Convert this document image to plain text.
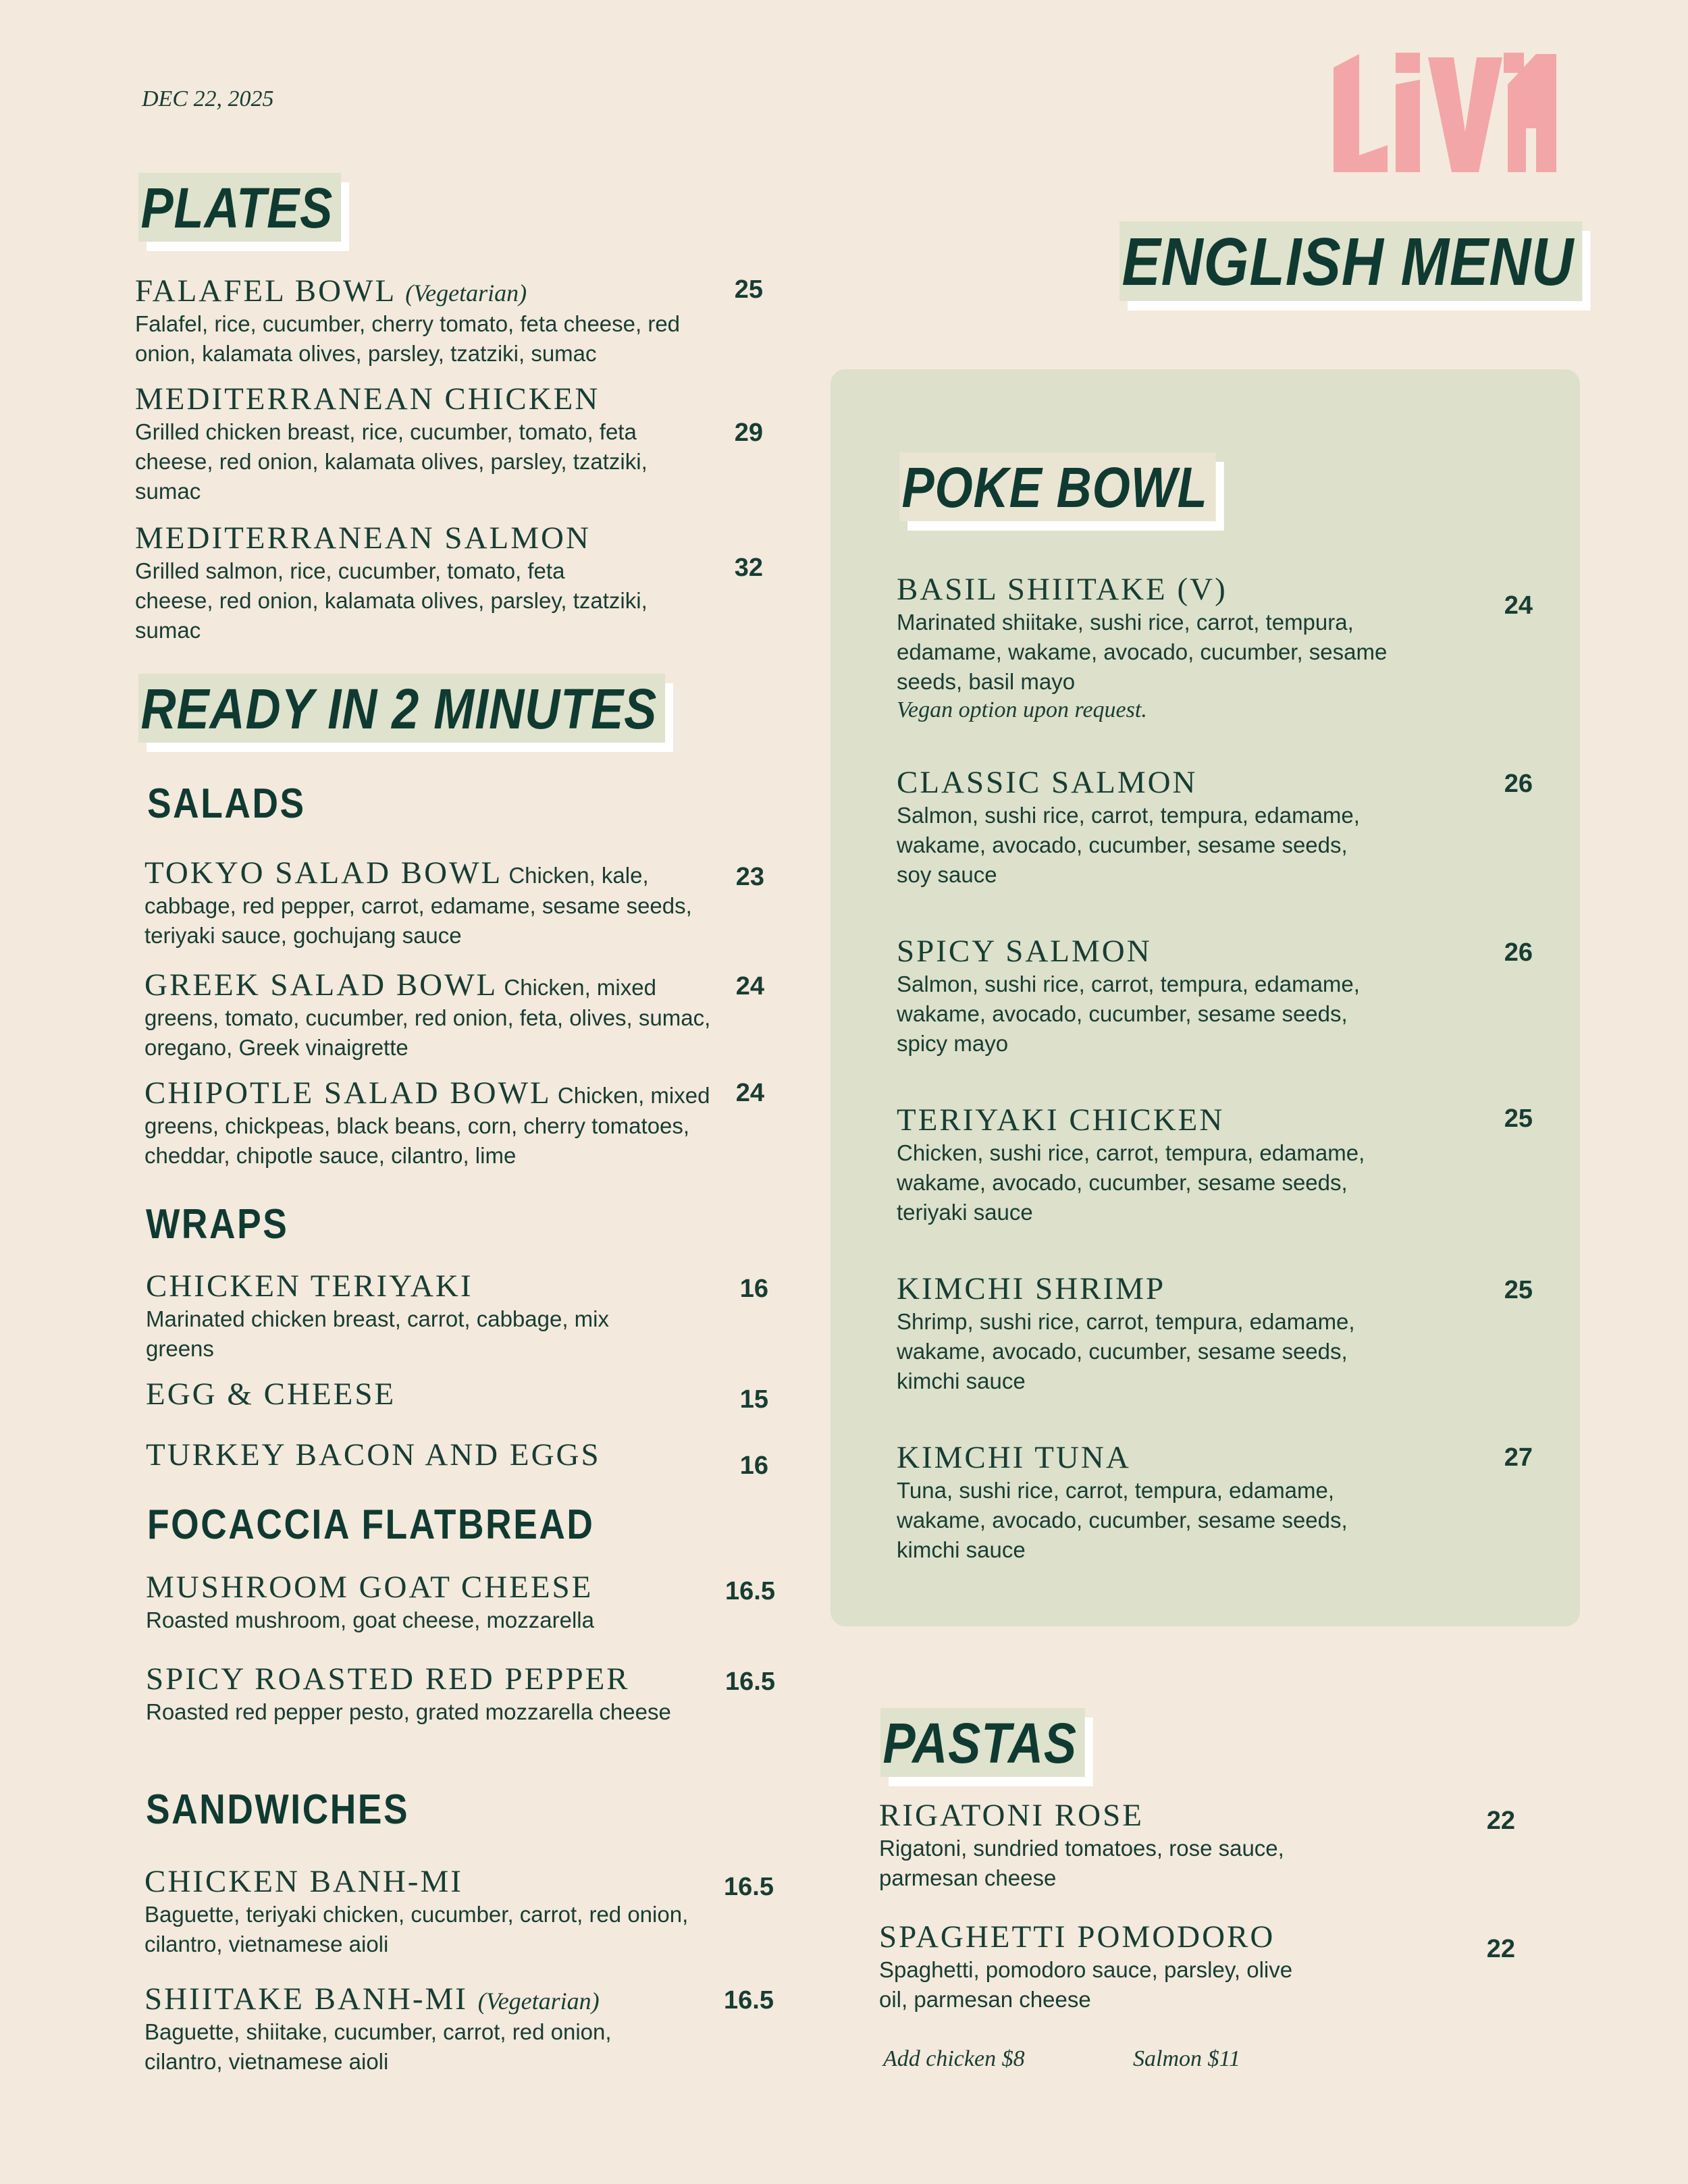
DEC 22, 2025
LiViA
ENGLISH MENU
PLATES
FALAFEL BOWL (Vegetarian)
Falafel, rice, cucumber, cherry tomato, feta cheese, red onion, kalamata olives, parsley, tzatziki, sumac
25
MEDITERRANEAN CHICKEN
Grilled chicken breast, rice, cucumber, tomato, feta cheese, red onion, kalamata olives, parsley, tzatziki, sumac
29
MEDITERRANEAN SALMON
Grilled salmon, rice, cucumber, tomato, feta cheese, red onion, kalamata olives, parsley, tzatziki, sumac
32
READY IN 2 MINUTES
SALADS
TOKYO SALAD BOWL Chicken, kale, cabbage, red pepper, carrot, edamame, sesame seeds, teriyaki sauce, gochujang sauce
23
GREEK SALAD BOWL Chicken, mixed greens, tomato, cucumber, red onion, feta, olives, sumac, oregano, Greek vinaigrette
24
CHIPOTLE SALAD BOWL Chicken, mixed greens, chickpeas, black beans, corn, cherry tomatoes, cheddar, chipotle sauce, cilantro, lime
24
WRAPS
CHICKEN TERIYAKI
Marinated chicken breast, carrot, cabbage, mix greens
16
EGG & CHEESE	15
TURKEY BACON AND EGGS	16
FOCACCIA FLATBREAD
MUSHROOM GOAT CHEESE
Roasted mushroom, goat cheese, mozzarella
16.5
SPICY ROASTED RED PEPPER
Roasted red pepper pesto, grated mozzarella cheese
16.5
SANDWICHES
CHICKEN BANH-MI
Baguette, teriyaki chicken, cucumber, carrot, red onion, cilantro, vietnamese aioli
16.5
SHIITAKE BANH-MI (Vegetarian)
Baguette, shiitake, cucumber, carrot, red onion, cilantro, vietnamese aioli
16.5
POKE BOWL
BASIL SHIITAKE (V)
Marinated shiitake, sushi rice, carrot, tempura, edamame, wakame, avocado, cucumber, sesame seeds, basil mayo
Vegan option upon request.
24
CLASSIC SALMON
Salmon, sushi rice, carrot, tempura, edamame, wakame, avocado, cucumber, sesame seeds, soy sauce
26
SPICY SALMON
Salmon, sushi rice, carrot, tempura, edamame, wakame, avocado, cucumber, sesame seeds, spicy mayo
26
TERIYAKI CHICKEN
Chicken, sushi rice, carrot, tempura, edamame, wakame, avocado, cucumber, sesame seeds, teriyaki sauce
25
KIMCHI SHRIMP
Shrimp, sushi rice, carrot, tempura, edamame, wakame, avocado, cucumber, sesame seeds, kimchi sauce
25
KIMCHI TUNA
Tuna, sushi rice, carrot, tempura, edamame, wakame, avocado, cucumber, sesame seeds, kimchi sauce
27
PASTAS
RIGATONI ROSE
Rigatoni, sundried tomatoes, rose sauce, parmesan cheese
22
SPAGHETTI POMODORO
Spaghetti, pomodoro sauce, parsley, olive oil, parmesan cheese
22
Add chicken $8	Salmon $11
